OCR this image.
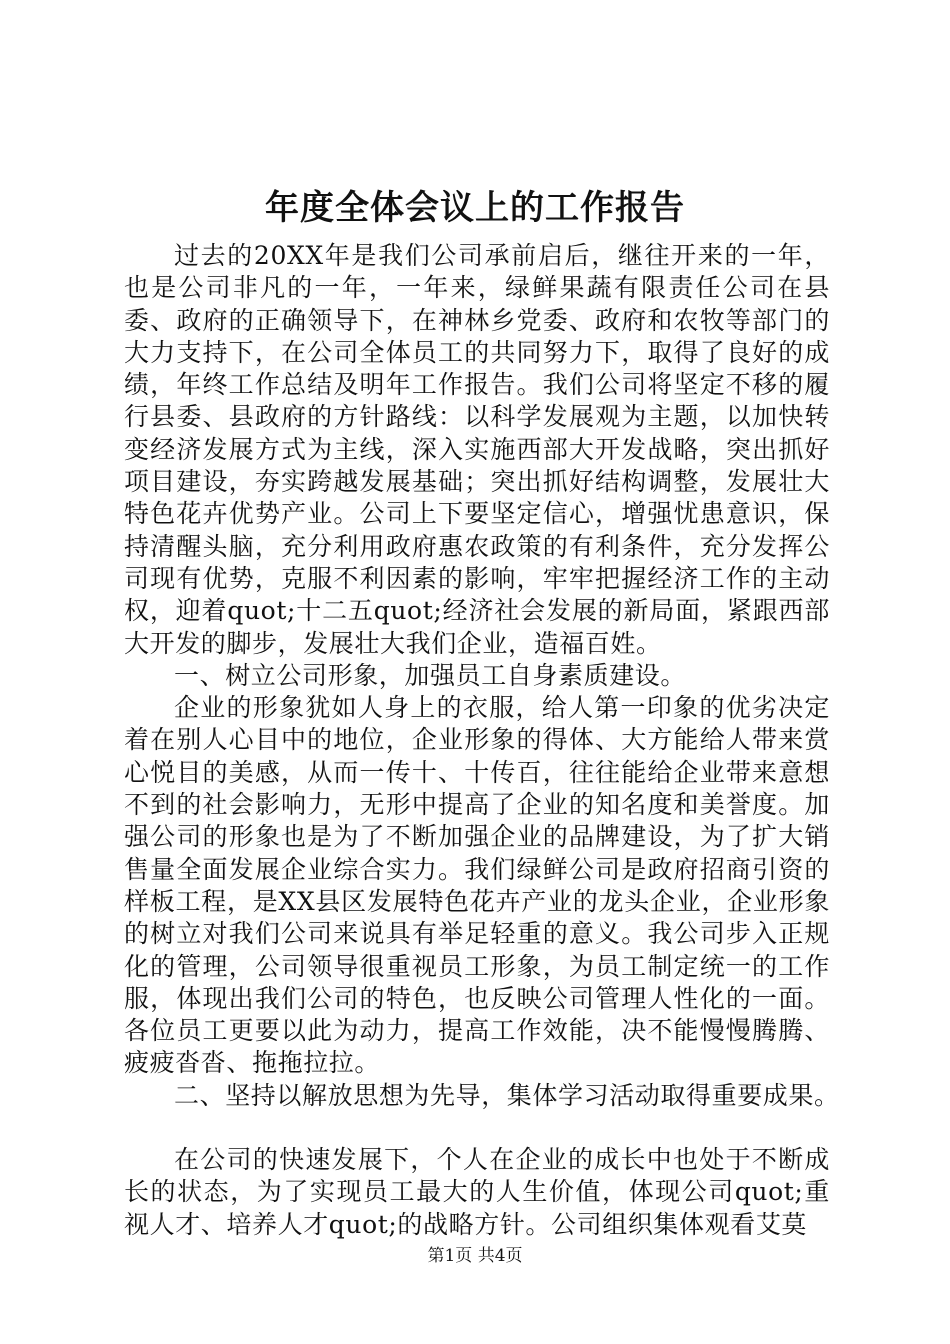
年度全体会议上的工作报告

过去的20XX年是我们公司承前启后，继往开来的一年，也是公司非凡的一年，一年来，绿鲜果蔬有限责任公司在县委、政府的正确领导下，在神林乡党委、政府和农牧等部门的大力支持下，在公司全体员工的共同努力下，取得了良好的成绩，年终工作总结及明年工作报告。我们公司将坚定不移的履行县委、县政府的方针路线：以科学发展观为主题，以加快转变经济发展方式为主线，深入实施西部大开发战略，突出抓好项目建设，夯实跨越发展基础；突出抓好结构调整，发展壮大特色花卉优势产业。公司上下要坚定信心，增强忧患意识，保持清醒头脑，充分利用政府惠农政策的有利条件，充分发挥公司现有优势，克服不利因素的影响，牢牢把握经济工作的主动权，迎着quot;十二五quot;经济社会发展的新局面，紧跟西部大开发的脚步，发展壮大我们企业，造福百姓。

一、树立公司形象，加强员工自身素质建设。

企业的形象犹如人身上的衣服，给人第一印象的优劣决定着在别人心目中的地位，企业形象的得体、大方能给人带来赏心悦目的美感，从而一传十、十传百，往往能给企业带来意想不到的社会影响力，无形中提高了企业的知名度和美誉度。加强公司的形象也是为了不断加强企业的品牌建设，为了扩大销售量全面发展企业综合实力。我们绿鲜公司是政府招商引资的样板工程，是XX县区发展特色花卉产业的龙头企业，企业形象的树立对我们公司来说具有举足轻重的意义。我公司步入正规化的管理，公司领导很重视员工形象，为员工制定统一的工作服，体现出我们公司的特色，也反映公司管理人性化的一面。各位员工更要以此为动力，提高工作效能，决不能慢慢腾腾、疲疲沓沓、拖拖拉拉。

二、坚持以解放思想为先导，集体学习活动取得重要成果。

在公司的快速发展下，个人在企业的成长中也处于不断成长的状态，为了实现员工最大的人生价值，体现公司quot;重视人才、培养人才quot;的战略方针。公司组织集体观看艾莫

第1页 共4页
